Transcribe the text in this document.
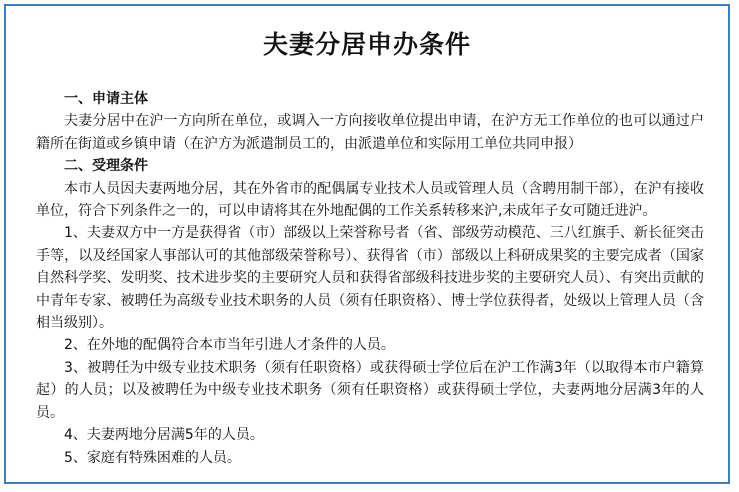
夫妻分居申办条件

一、申请主体

夫妻分居中在沪一方向所在单位，或调入一方向接收单位提出申请，在沪方无工作单位的也可以通过户籍所在街道或乡镇申请（在沪方为派遣制员工的，由派遣单位和实际用工单位共同申报）

二、受理条件

本市人员因夫妻两地分居，其在外省市的配偶属专业技术人员或管理人员（含聘用制干部），在沪有接收单位，符合下列条件之一的，可以申请将其在外地配偶的工作关系转移来沪,未成年子女可随迁进沪。

1、夫妻双方中一方是获得省（市）部级以上荣誉称号者（省、部级劳动模范、三八红旗手、新长征突击手等，以及经国家人事部认可的其他部级荣誉称号）、获得省（市）部级以上科研成果奖的主要完成者（国家自然科学奖、发明奖、技术进步奖的主要研究人员和获得省部级科技进步奖的主要研究人员）、有突出贡献的中青年专家、被聘任为高级专业技术职务的人员（须有任职资格）、博士学位获得者，处级以上管理人员（含相当级别）。

2、在外地的配偶符合本市当年引进人才条件的人员。

3、被聘任为中级专业技术职务（须有任职资格）或获得硕士学位后在沪工作满3年（以取得本市户籍算起）的人员；以及被聘任为中级专业技术职务（须有任职资格）或获得硕士学位，夫妻两地分居满3年的人员。

4、夫妻两地分居满5年的人员。

5、家庭有特殊困难的人员。
